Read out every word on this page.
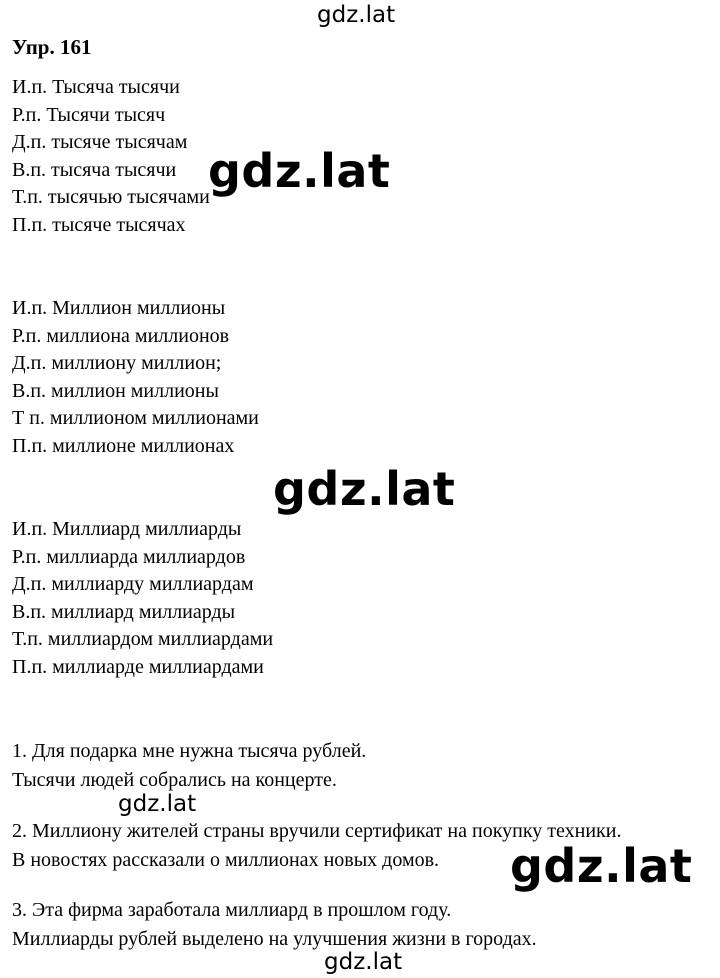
Упр. 161
И.п. Тысяча тысячи
Р.п. Тысячи тысяч
Д.п. тысяче тысячам
В.п. тысяча тысячи
Т.п. тысячью тысячами
П.п. тысяче тысячах
И.п. Миллион миллионы
Р.п. миллиона миллионов
Д.п. миллиону миллион;
В.п. миллион миллионы
Т п. миллионом миллионами
П.п. миллионе миллионах
И.п. Миллиард миллиарды
Р.п. миллиарда миллиардов
Д.п. миллиарду миллиардам
В.п. миллиард миллиарды
Т.п. миллиардом миллиардами
П.п. миллиарде миллиардами
1. Для подарка мне нужна тысяча рублей.
Тысячи людей собрались на концерте.
2. Миллиону жителей страны вручили сертификат на покупку техники.
В новостях рассказали о миллионах новых домов.
3. Эта фирма заработала миллиард в прошлом году.
Миллиарды рублей выделено на улучшения жизни в городах.
gdz.lat
gdz.lat
gdz.lat
gdz.lat
gdz.lat
gdz.lat
